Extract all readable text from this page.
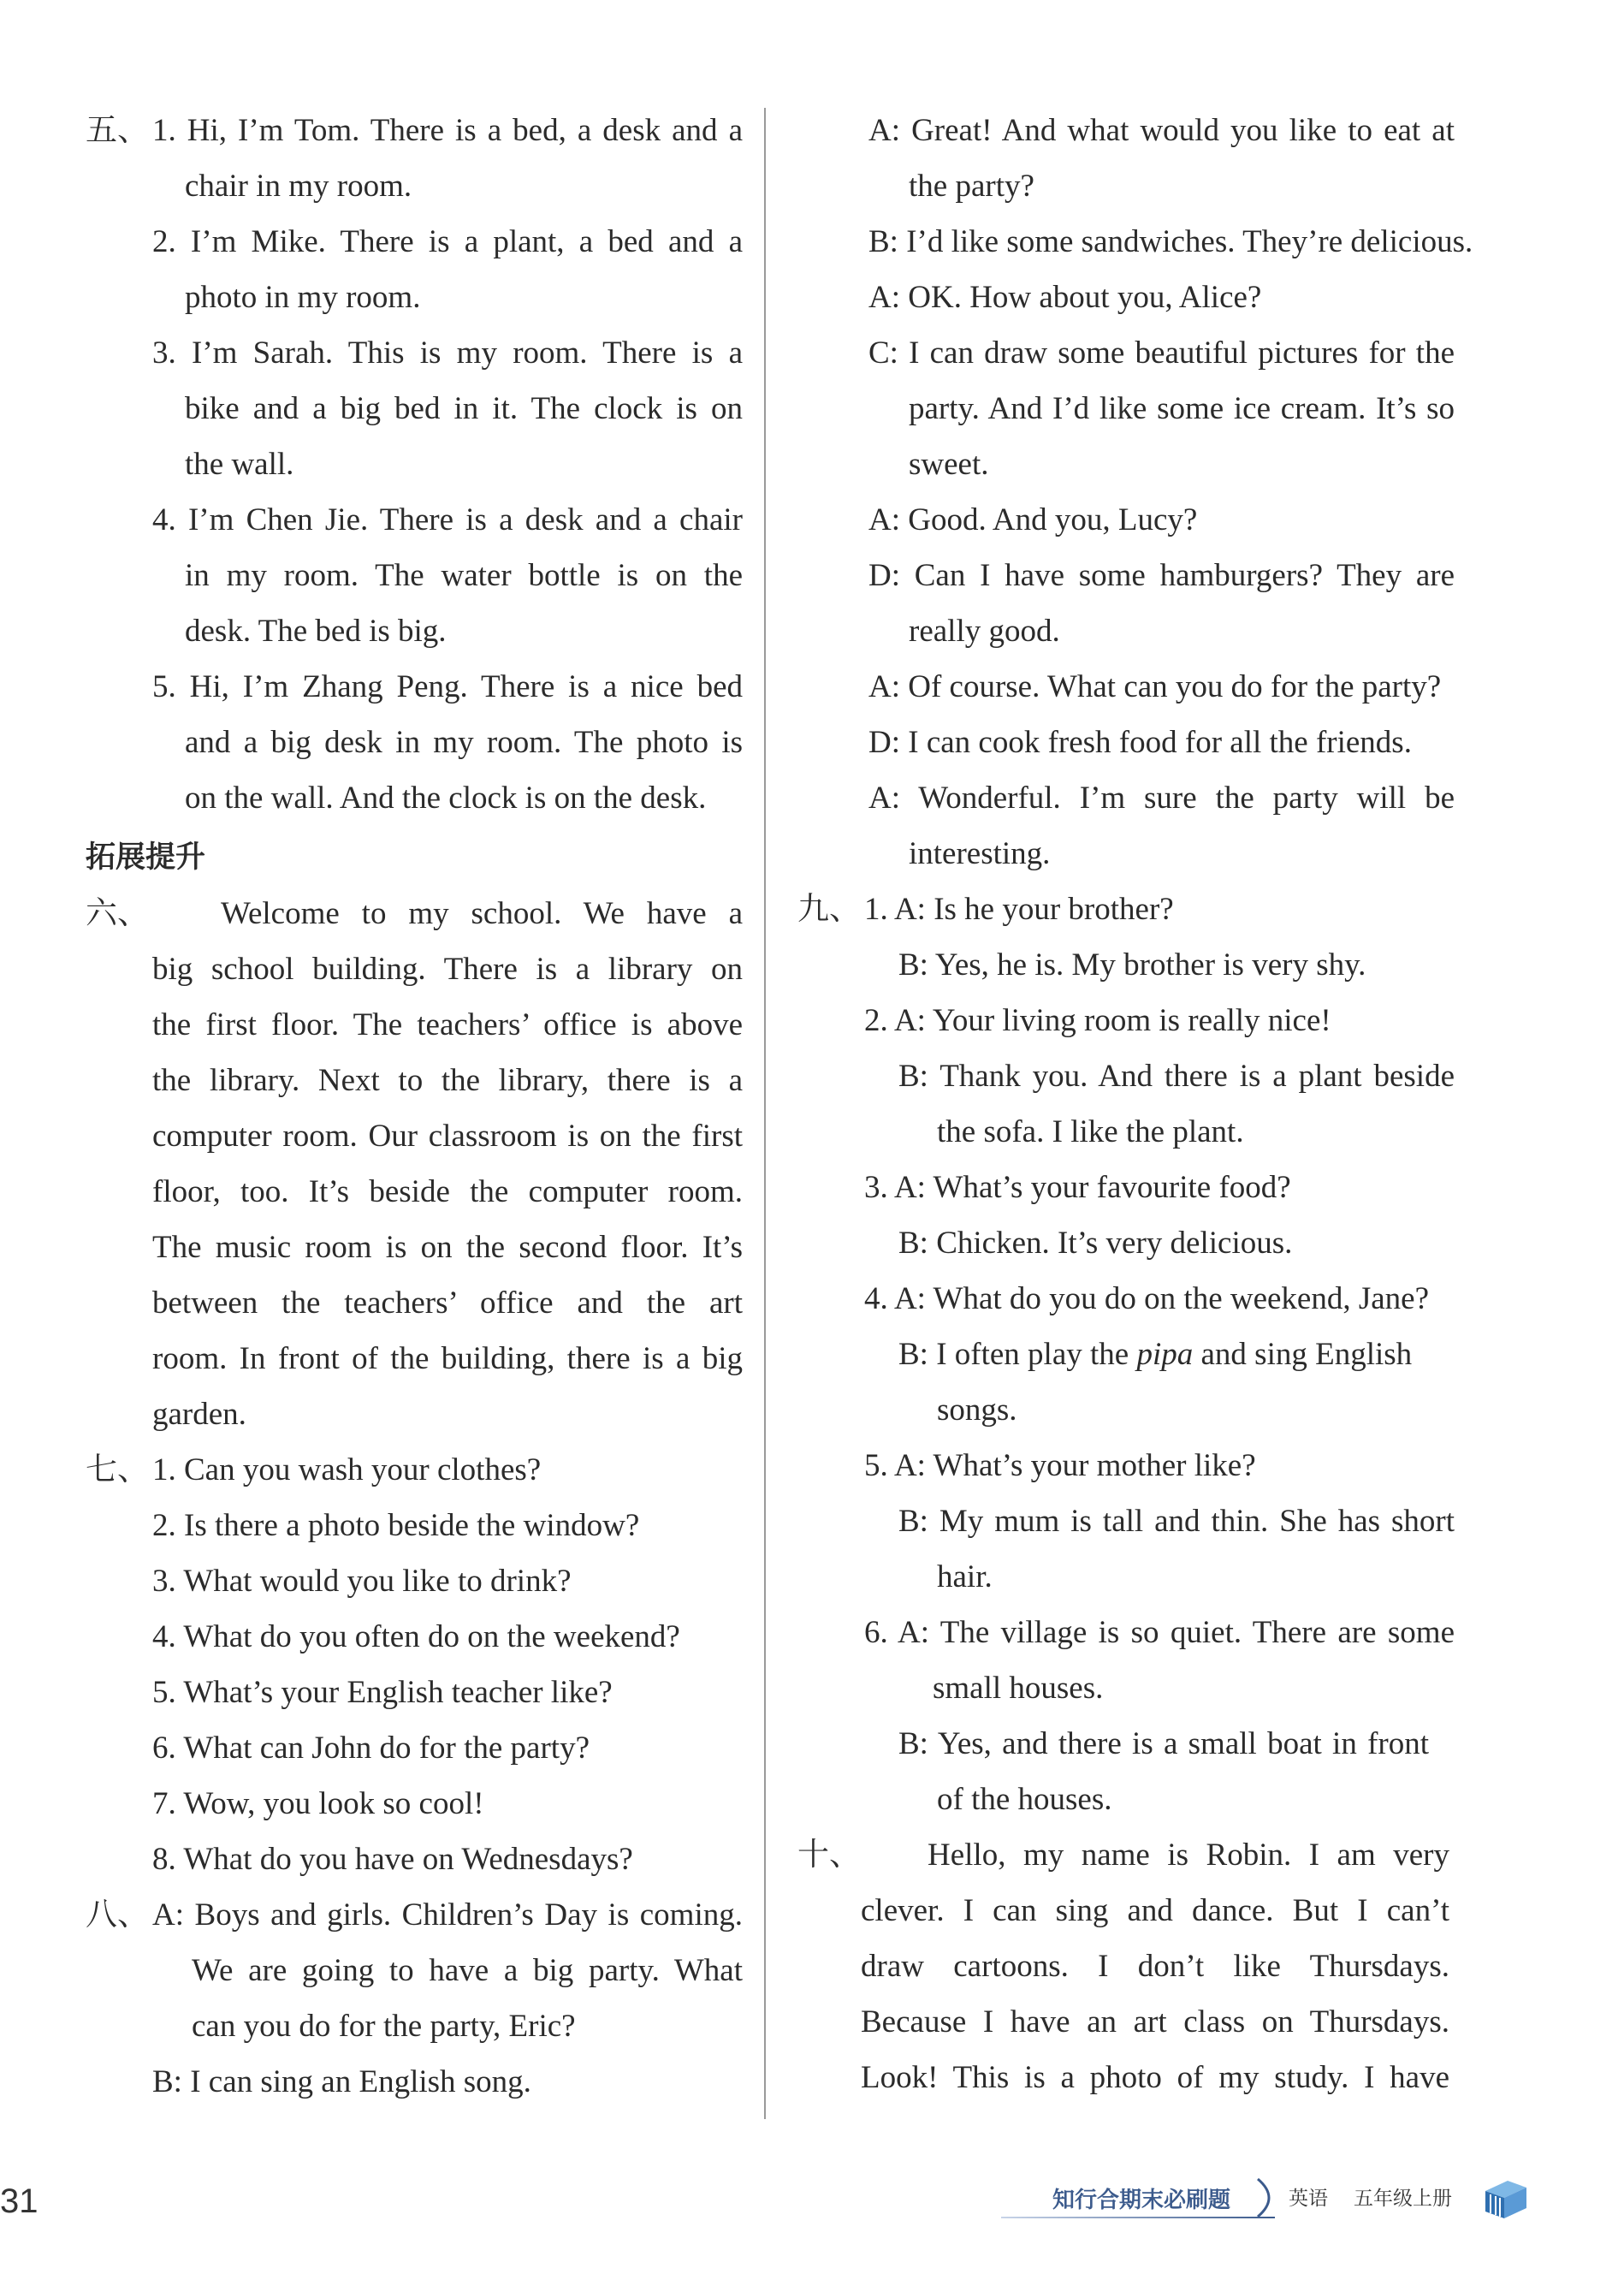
五、 1. Hi, I’m Tom. There is a bed, a desk and a
chair in my room.
2. I’m Mike. There is a plant, a bed and a
photo in my room.
3. I’m Sarah. This is my room. There is a
bike and a big bed in it. The clock is on
the wall.
4. I’m Chen Jie. There is a desk and a chair
in my room. The water bottle is on the
desk. The bed is big.
5. Hi, I’m Zhang Peng. There is a nice bed
and a big desk in my room. The photo is
on the wall. And the clock is on the desk.
拓展提升
六、 Welcome to my school. We have a
big school building. There is a library on
the first floor. The teachers’ office is above
the library. Next to the library, there is a
computer room. Our classroom is on the first
floor, too. It’s beside the computer room.
The music room is on the second floor. It’s
between the teachers’ office and the art
room. In front of the building, there is a big
garden.
七、 1. Can you wash your clothes?
2. Is there a photo beside the window?
3. What would you like to drink?
4. What do you often do on the weekend?
5. What’s your English teacher like?
6. What can John do for the party?
7. Wow, you look so cool!
8. What do you have on Wednesdays?
八、 A: Boys and girls. Children’s Day is coming.
We are going to have a big party. What
can you do for the party, Eric?
B: I can sing an English song.
A: Great! And what would you like to eat at
the party?
B: I’d like some sandwiches. They’re delicious.
A: OK. How about you, Alice?
C: I can draw some beautiful pictures for the
party. And I’d like some ice cream. It’s so
sweet.
A: Good. And you, Lucy?
D: Can I have some hamburgers? They are
really good.
A: Of course. What can you do for the party?
D: I can cook fresh food for all the friends.
A: Wonderful. I’m sure the party will be
interesting.
九、 1. A: Is he your brother?
B: Yes, he is. My brother is very shy.
2. A: Your living room is really nice!
B: Thank you. And there is a plant beside
the sofa. I like the plant.
3. A: What’s your favourite food?
B: Chicken. It’s very delicious.
4. A: What do you do on the weekend, Jane?
B: I often play the pipa and sing English
songs.
5. A: What’s your mother like?
B: My mum is tall and thin. She has short
hair.
6. A: The village is so quiet. There are some
small houses.
B: Yes, and there is a small boat in front
of the houses.
十、 Hello, my name is Robin. I am very
clever. I can sing and dance. But I can’t
draw cartoons. I don’t like Thursdays.
Because I have an art class on Thursdays.
Look! This is a photo of my study. I have
31	知行合期末必刷题	英语 五年级上册
